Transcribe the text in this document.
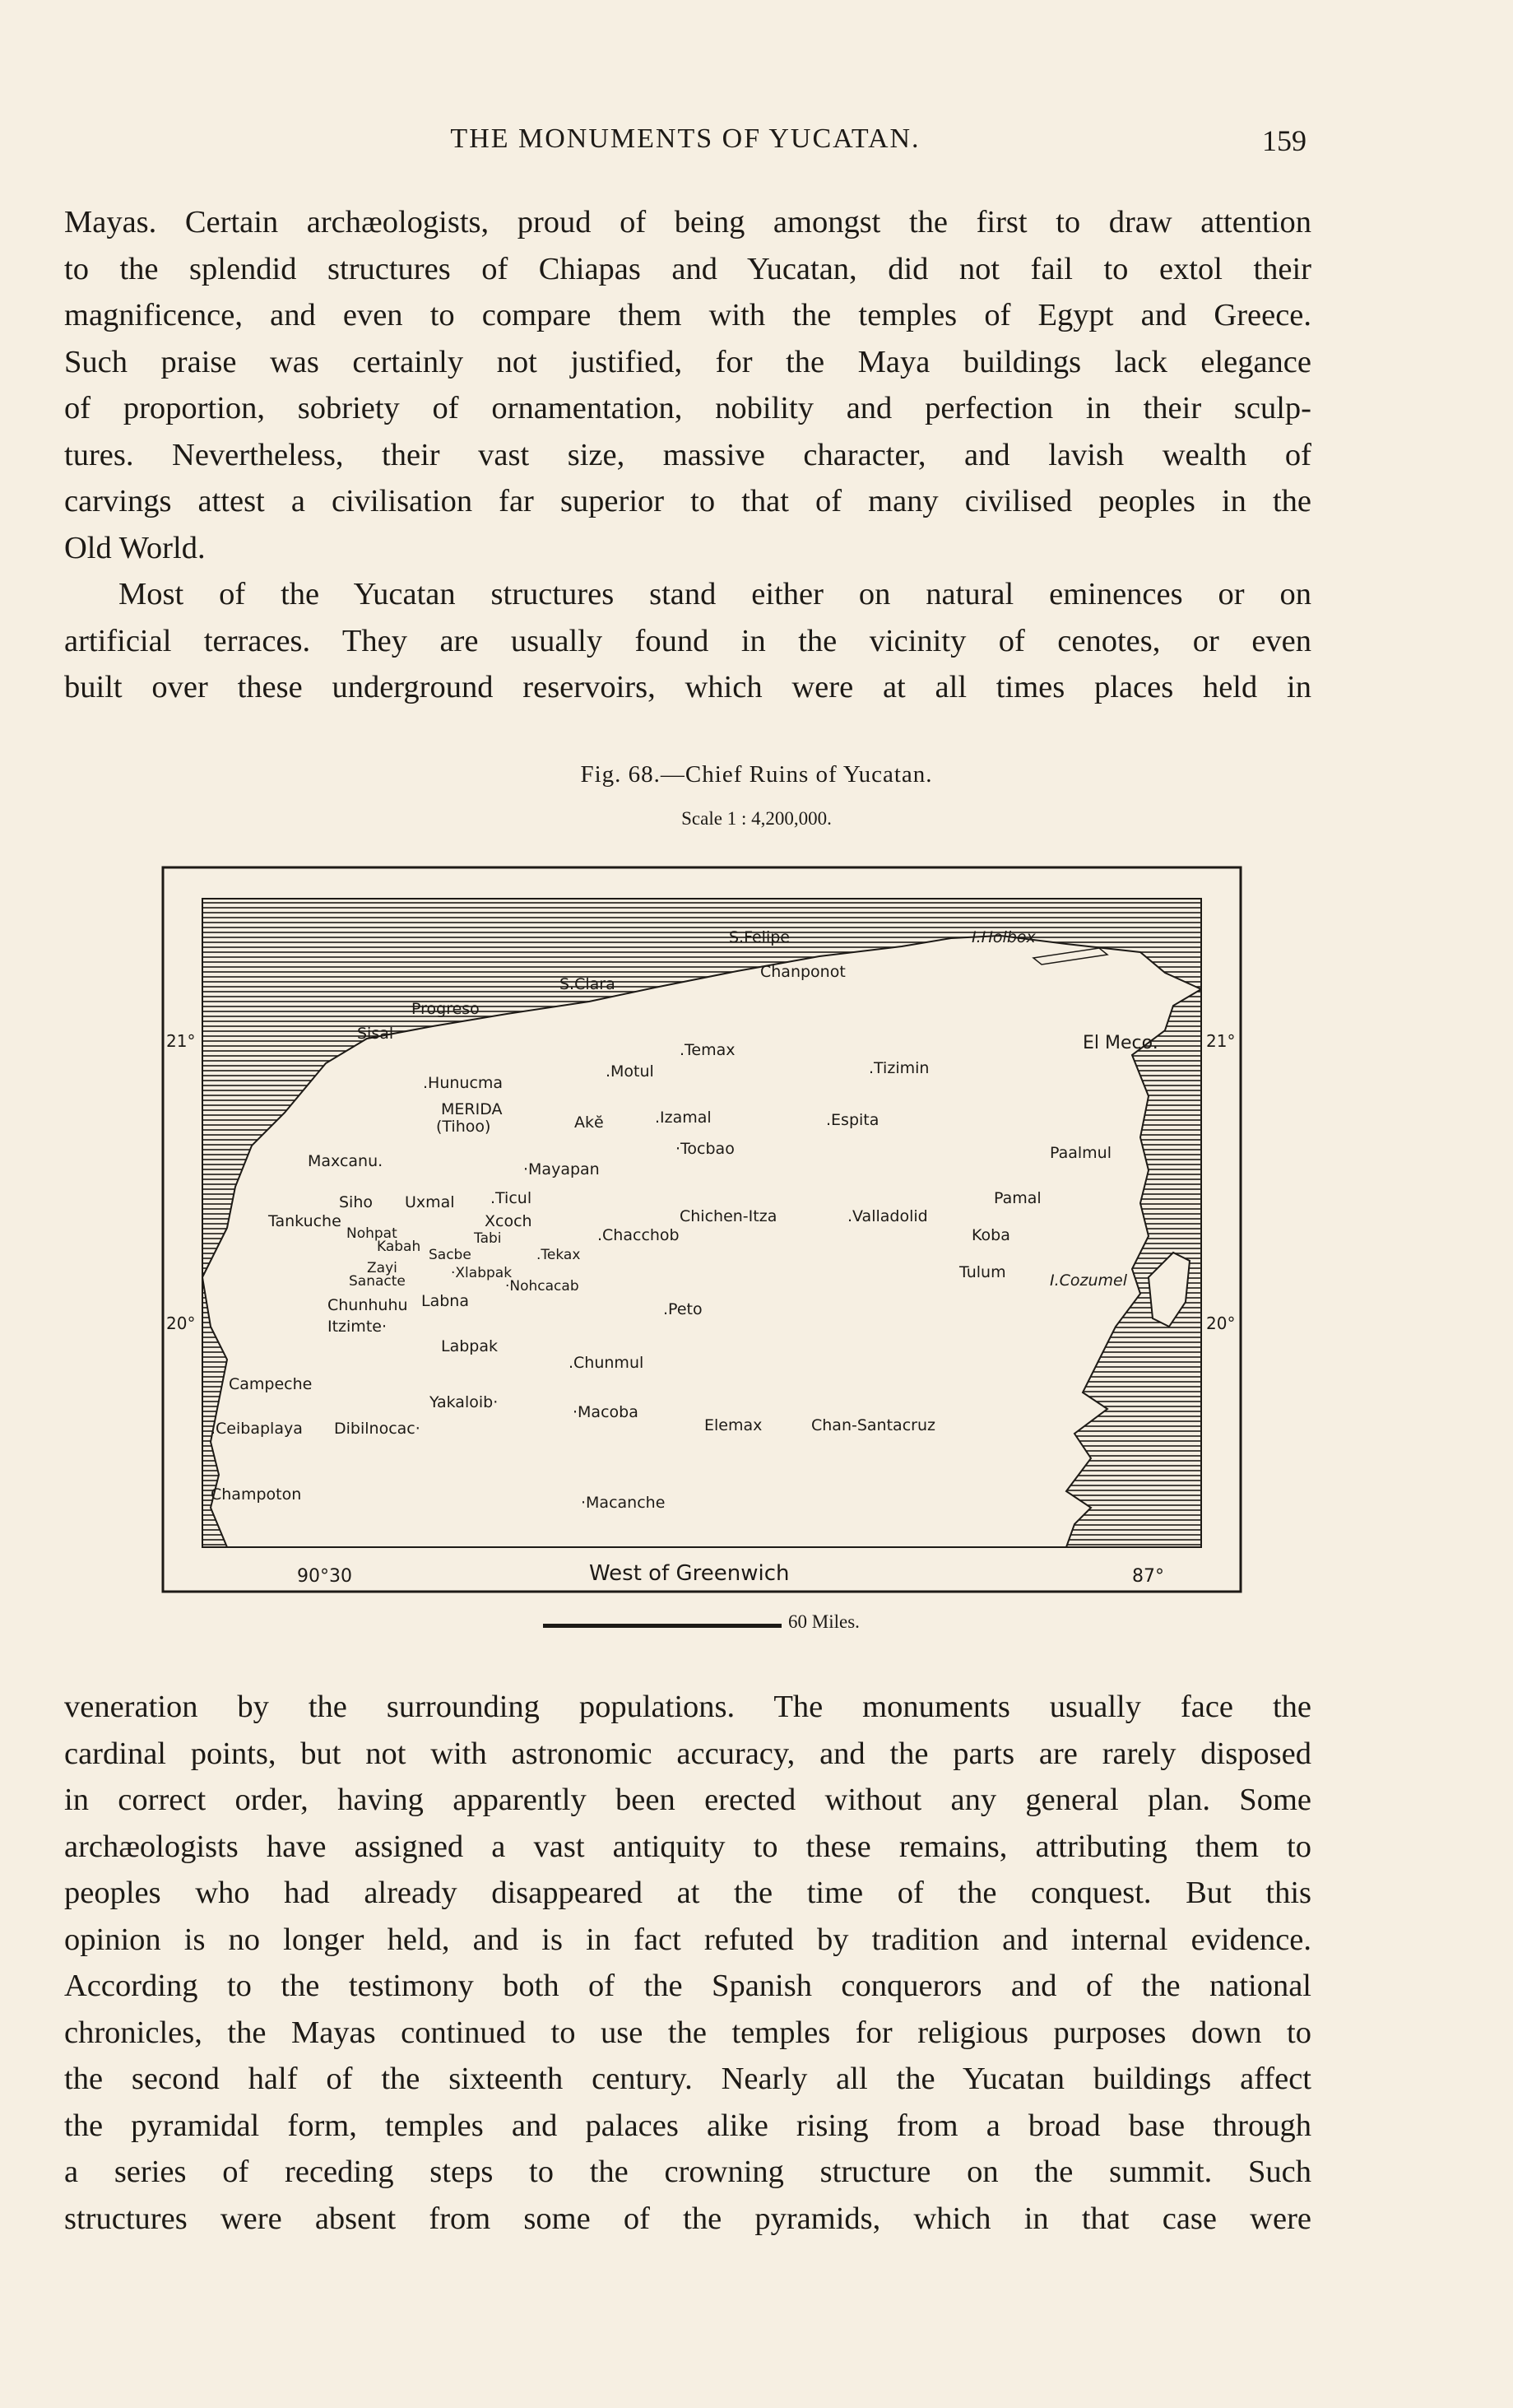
THE MONUMENTS OF YUCATAN.	159
Mayas. Certain archæologists, proud of being amongst the first to draw attention
to the splendid structures of Chiapas and Yucatan, did not fail to extol their
magnificence, and even to compare them with the temples of Egypt and Greece.
Such praise was certainly not justified, for the Maya buildings lack elegance
of proportion, sobriety of ornamentation, nobility and perfection in their sculp-
tures. Nevertheless, their vast size, massive character, and lavish wealth of
carvings attest a civilisation far superior to that of many civilised peoples in the
Old World.
Most of the Yucatan structures stand either on natural eminences or on
artificial terraces. They are usually found in the vicinity of cenotes, or even
built over these underground reservoirs, which were at all times places held in
Fig. 68.—Chief Ruins of Yucatan.
Scale 1 : 4,200,000.
21°	21°
20°	20°
90°30	West of Greenwich	87°
S.Felipe	I.Holbox
S.Clara
Chanponot
Progreso
Sisal
.Temax
.Motul	.Tizimin
El Meco.
.Hunucma
MERIDA
(Tihoo)	Akĕ	.Izamal	.Espita
·Tocbao
Maxcanu.	·Mayapan
Paalmul
Siho Uxmal .Ticul
Tankuche
Nohpat
Xcoch	Chichen-Itza	.Valladolid
Pamal
Tabi
Kabah
.Chacchob	Koba
Sacbe	.Tekax
Zayi	·Xlabpak
Sanacte	Tulum
·Nohcacab	I.Cozumel
Chunhuhu Labna	.Peto
Itzimte·
Labpak
.Chunmul
Campeche
Yakaloib·
·Macoba
.Ceibaplaya Dibilnocac·	Elemax	Chan-Santacruz
Champoton	·Macanche
60 Miles.
veneration by the surrounding populations. The monuments usually face the
cardinal points, but not with astronomic accuracy, and the parts are rarely disposed
in correct order, having apparently been erected without any general plan. Some
archæologists have assigned a vast antiquity to these remains, attributing them to
peoples who had already disappeared at the time of the conquest. But this
opinion is no longer held, and is in fact refuted by tradition and internal evidence.
According to the testimony both of the Spanish conquerors and of the national
chronicles, the Mayas continued to use the temples for religious purposes down to
the second half of the sixteenth century. Nearly all the Yucatan buildings affect
the pyramidal form, temples and palaces alike rising from a broad base through
a series of receding steps to the crowning structure on the summit. Such
structures were absent from some of the pyramids, which in that case were
